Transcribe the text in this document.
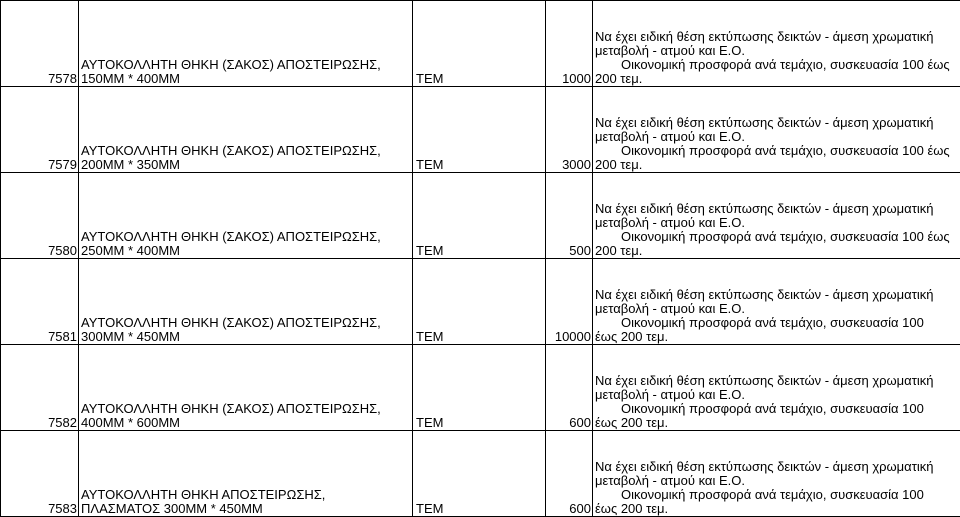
7578	ΑΥΤΟΚΟΛΛΗΤΗ ΘΗΚΗ (ΣΑΚΟΣ) ΑΠΟΣΤΕΙΡΩΣΗΣ,
150ΜΜ * 400ΜΜ	ΤΕΜ	1000	Να έχει ειδική θέση εκτύπωσης δεικτών - άμεση χρωματική
μεταβολή - ατμού και Ε.Ο.
Οικονομική προσφορά ανά τεμάχιο, συσκευασία 100 έως
200 τεμ.

7579	ΑΥΤΟΚΟΛΛΗΤΗ ΘΗΚΗ (ΣΑΚΟΣ) ΑΠΟΣΤΕΙΡΩΣΗΣ,
200ΜΜ * 350ΜΜ	ΤΕΜ	3000	Να έχει ειδική θέση εκτύπωσης δεικτών - άμεση χρωματική
μεταβολή - ατμού και Ε.Ο.
Οικονομική προσφορά ανά τεμάχιο, συσκευασία 100 έως
200 τεμ.

7580	ΑΥΤΟΚΟΛΛΗΤΗ ΘΗΚΗ (ΣΑΚΟΣ) ΑΠΟΣΤΕΙΡΩΣΗΣ,
250ΜΜ * 400ΜΜ	ΤΕΜ	500	Να έχει ειδική θέση εκτύπωσης δεικτών - άμεση χρωματική
μεταβολή - ατμού και Ε.Ο.
Οικονομική προσφορά ανά τεμάχιο, συσκευασία 100 έως
200 τεμ.

7581	ΑΥΤΟΚΟΛΛΗΤΗ ΘΗΚΗ (ΣΑΚΟΣ) ΑΠΟΣΤΕΙΡΩΣΗΣ,
300ΜΜ * 450ΜΜ	ΤΕΜ	10000	Να έχει ειδική θέση εκτύπωσης δεικτών - άμεση χρωματική
μεταβολή - ατμού και Ε.Ο.
Οικονομική προσφορά ανά τεμάχιο, συσκευασία 100
έως 200 τεμ.

7582	ΑΥΤΟΚΟΛΛΗΤΗ ΘΗΚΗ (ΣΑΚΟΣ) ΑΠΟΣΤΕΙΡΩΣΗΣ,
400ΜΜ * 600ΜΜ	ΤΕΜ	600	Να έχει ειδική θέση εκτύπωσης δεικτών - άμεση χρωματική
μεταβολή - ατμού και Ε.Ο.
Οικονομική προσφορά ανά τεμάχιο, συσκευασία 100
έως 200 τεμ.

7583	ΑΥΤΟΚΟΛΛΗΤΗ ΘΗΚΗ ΑΠΟΣΤΕΙΡΩΣΗΣ,
ΠΛΑΣΜΑΤΟΣ 300ΜΜ * 450ΜΜ	ΤΕΜ	600	Να έχει ειδική θέση εκτύπωσης δεικτών - άμεση χρωματική
μεταβολή - ατμού και Ε.Ο.
Οικονομική προσφορά ανά τεμάχιο, συσκευασία 100
έως 200 τεμ.
